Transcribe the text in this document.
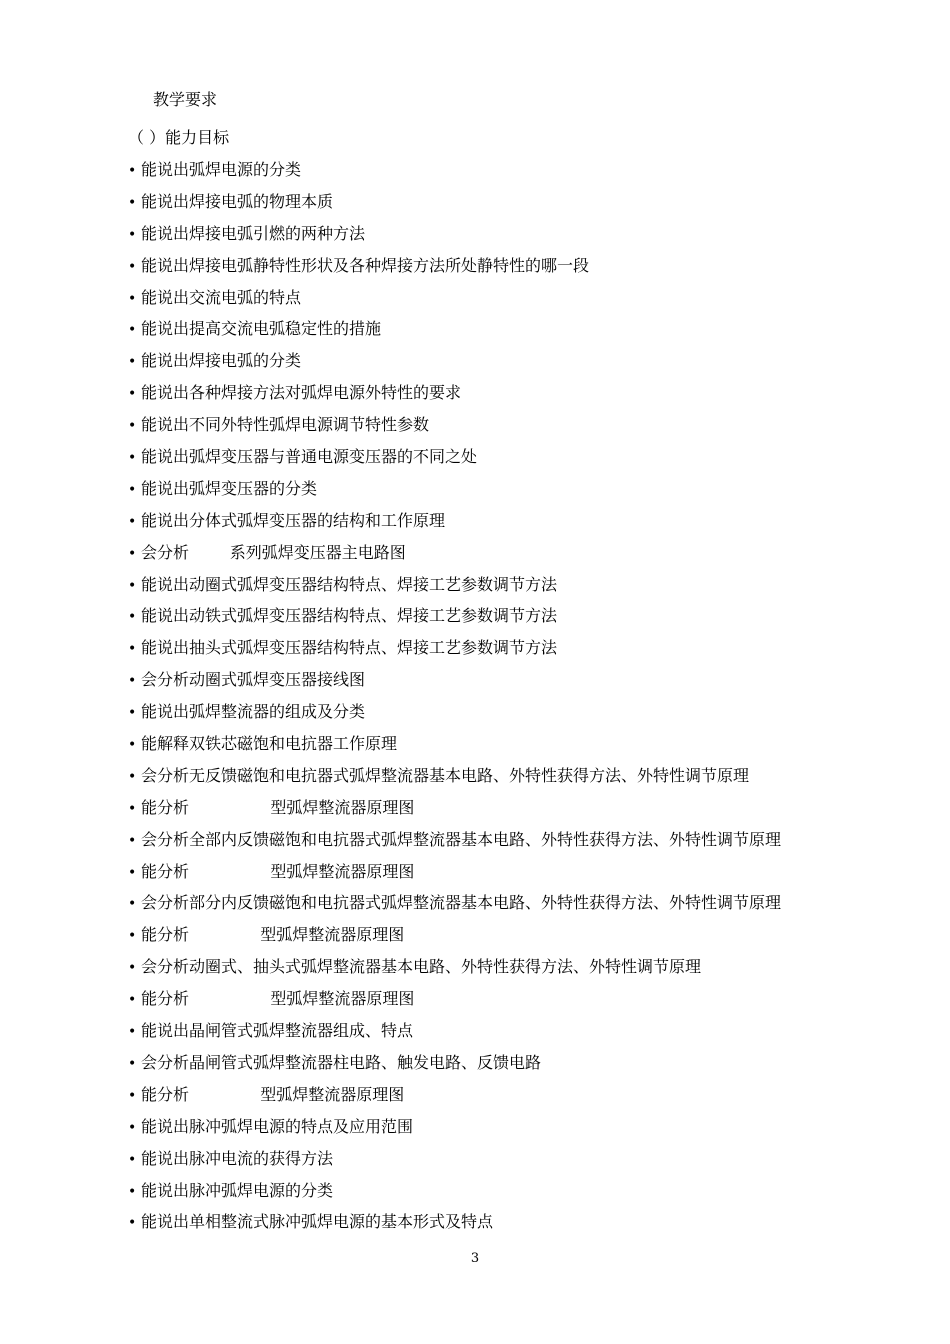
教学要求
（ ）能力目标
• 能说出弧焊电源的分类
• 能说出焊接电弧的物理本质
• 能说出焊接电弧引燃的两种方法
• 能说出焊接电弧静特性形状及各种焊接方法所处静特性的哪一段
• 能说出交流电弧的特点
• 能说出提高交流电弧稳定性的措施
• 能说出焊接电弧的分类
• 能说出各种焊接方法对弧焊电源外特性的要求
• 能说出不同外特性弧焊电源调节特性参数
• 能说出弧焊变压器与普通电源变压器的不同之处
• 能说出弧焊变压器的分类
• 能说出分体式弧焊变压器的结构和工作原理
• 会分析        系列弧焊变压器主电路图
• 能说出动圈式弧焊变压器结构特点、焊接工艺参数调节方法
• 能说出动铁式弧焊变压器结构特点、焊接工艺参数调节方法
• 能说出抽头式弧焊变压器结构特点、焊接工艺参数调节方法
• 会分析动圈式弧焊变压器接线图
• 能说出弧焊整流器的组成及分类
• 能解释双铁芯磁饱和电抗器工作原理
• 会分析无反馈磁饱和电抗器式弧焊整流器基本电路、外特性获得方法、外特性调节原理
• 能分析                型弧焊整流器原理图
• 会分析全部内反馈磁饱和电抗器式弧焊整流器基本电路、外特性获得方法、外特性调节原理
• 能分析                型弧焊整流器原理图
• 会分析部分内反馈磁饱和电抗器式弧焊整流器基本电路、外特性获得方法、外特性调节原理
• 能分析              型弧焊整流器原理图
• 会分析动圈式、抽头式弧焊整流器基本电路、外特性获得方法、外特性调节原理
• 能分析                型弧焊整流器原理图
• 能说出晶闸管式弧焊整流器组成、特点
• 会分析晶闸管式弧焊整流器柱电路、触发电路、反馈电路
• 能分析              型弧焊整流器原理图
• 能说出脉冲弧焊电源的特点及应用范围
• 能说出脉冲电流的获得方法
• 能说出脉冲弧焊电源的分类
• 能说出单相整流式脉冲弧焊电源的基本形式及特点
3
